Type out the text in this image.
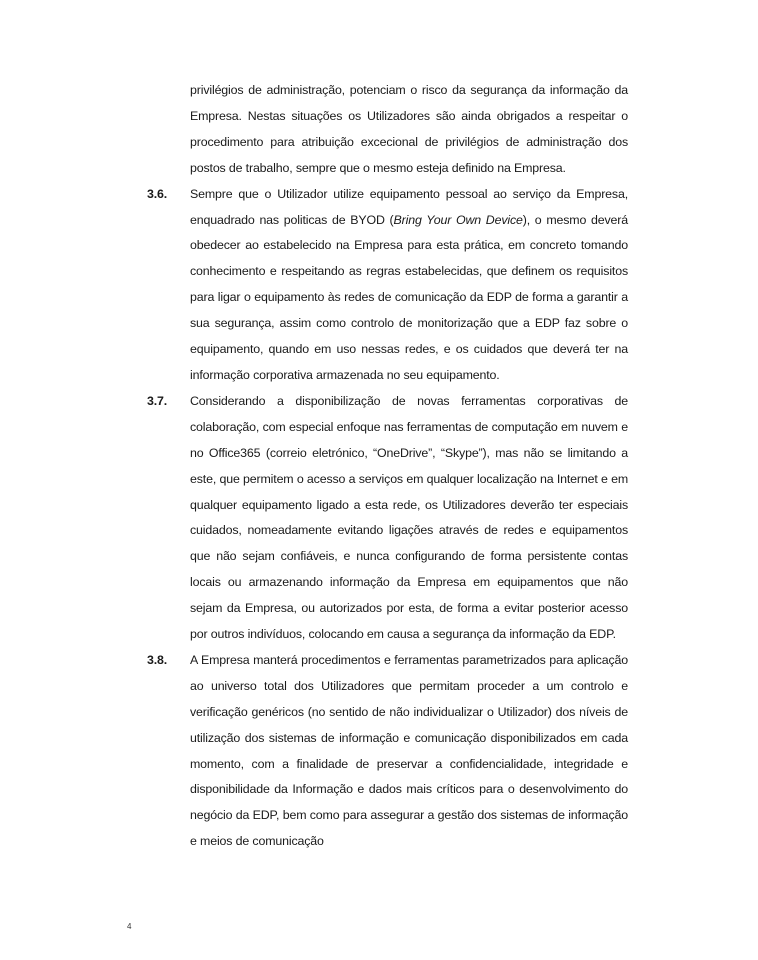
privilégios de administração, potenciam o risco da segurança da informação da Empresa. Nestas situações os Utilizadores são ainda obrigados a respeitar o procedimento para atribuição excecional de privilégios de administração dos postos de trabalho, sempre que o mesmo esteja definido na Empresa.

3.6. Sempre que o Utilizador utilize equipamento pessoal ao serviço da Empresa, enquadrado nas politicas de BYOD (Bring Your Own Device), o mesmo deverá obedecer ao estabelecido na Empresa para esta prática, em concreto tomando conhecimento e respeitando as regras estabelecidas, que definem os requisitos para ligar o equipamento às redes de comunicação da EDP de forma a garantir a sua segurança, assim como controlo de monitorização que a EDP faz sobre o equipamento, quando em uso nessas redes, e os cuidados que deverá ter na informação corporativa armazenada no seu equipamento.

3.7. Considerando a disponibilização de novas ferramentas corporativas de colaboração, com especial enfoque nas ferramentas de computação em nuvem e no Office365 (correio eletrónico, “OneDrive”, “Skype”), mas não se limitando a este, que permitem o acesso a serviços em qualquer localização na Internet e em qualquer equipamento ligado a esta rede, os Utilizadores deverão ter especiais cuidados, nomeadamente evitando ligações através de redes e equipamentos que não sejam confiáveis, e nunca configurando de forma persistente contas locais ou armazenando informação da Empresa em equipamentos que não sejam da Empresa, ou autorizados por esta, de forma a evitar posterior acesso por outros indivíduos, colocando em causa a segurança da informação da EDP.

3.8. A Empresa manterá procedimentos e ferramentas parametrizados para aplicação ao universo total dos Utilizadores que permitam proceder a um controlo e verificação genéricos (no sentido de não individualizar o Utilizador) dos níveis de utilização dos sistemas de informação e comunicação disponibilizados em cada momento, com a finalidade de preservar a confidencialidade, integridade e disponibilidade da Informação e dados mais críticos para o desenvolvimento do negócio da EDP, bem como para assegurar a gestão dos sistemas de informação e meios de comunicação

4
